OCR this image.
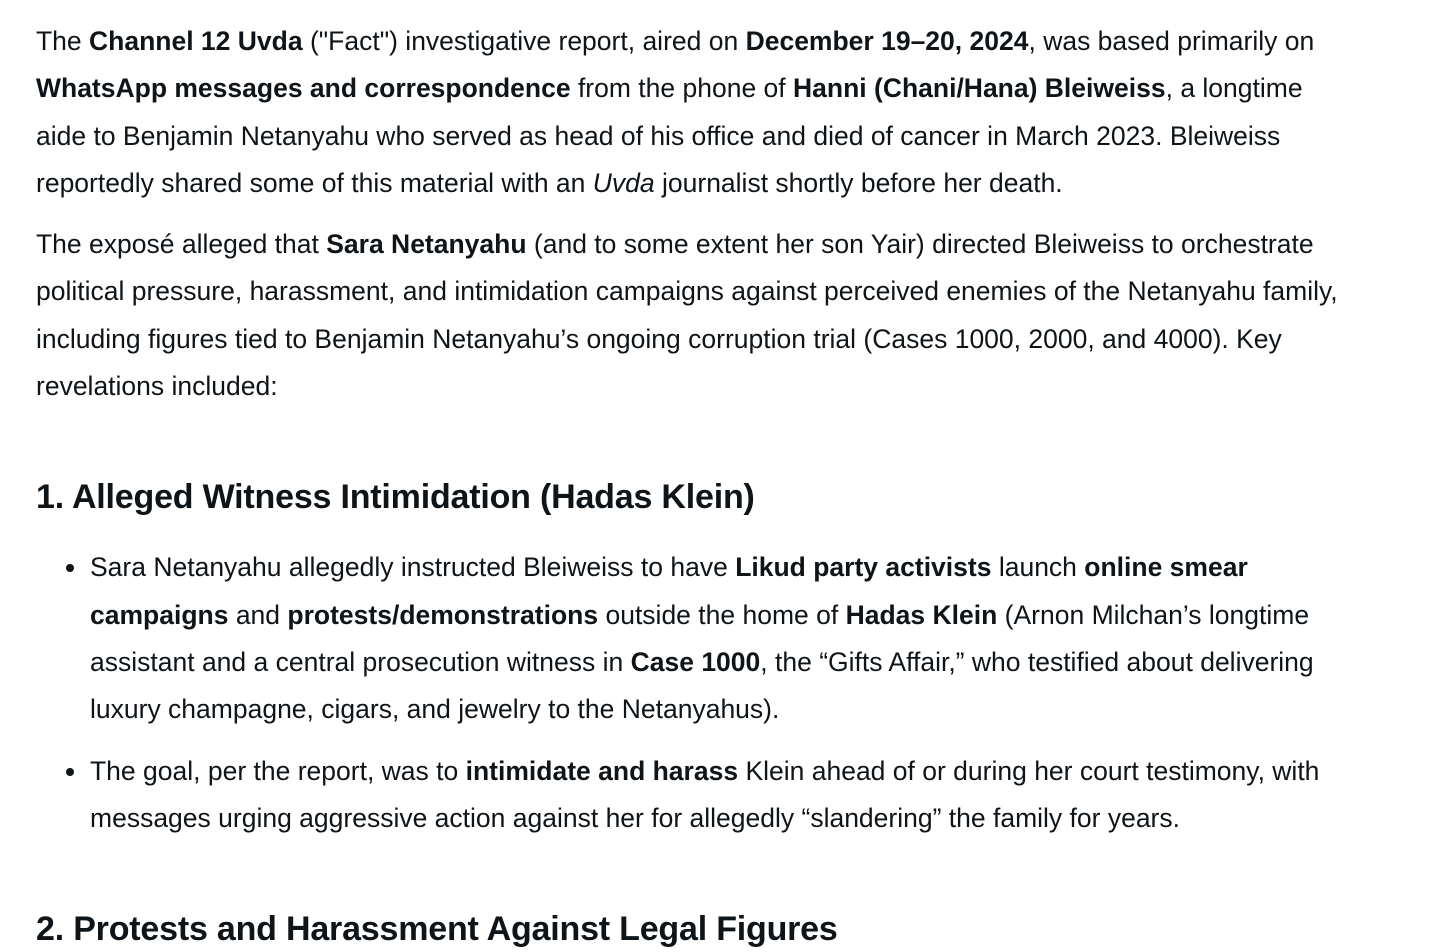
The Channel 12 Uvda ("Fact") investigative report, aired on December 19–20, 2024, was based primarily on WhatsApp messages and correspondence from the phone of Hanni (Chani/Hana) Bleiweiss, a longtime aide to Benjamin Netanyahu who served as head of his office and died of cancer in March 2023. Bleiweiss reportedly shared some of this material with an Uvda journalist shortly before her death.

The exposé alleged that Sara Netanyahu (and to some extent her son Yair) directed Bleiweiss to orchestrate political pressure, harassment, and intimidation campaigns against perceived enemies of the Netanyahu family, including figures tied to Benjamin Netanyahu’s ongoing corruption trial (Cases 1000, 2000, and 4000). Key revelations included:

1. Alleged Witness Intimidation (Hadas Klein)
Sara Netanyahu allegedly instructed Bleiweiss to have Likud party activists launch online smear campaigns and protests/demonstrations outside the home of Hadas Klein (Arnon Milchan’s longtime assistant and a central prosecution witness in Case 1000, the “Gifts Affair,” who testified about delivering luxury champagne, cigars, and jewelry to the Netanyahus).
The goal, per the report, was to intimidate and harass Klein ahead of or during her court testimony, with messages urging aggressive action against her for allegedly “slandering” the family for years.
2. Protests and Harassment Against Legal Figures
